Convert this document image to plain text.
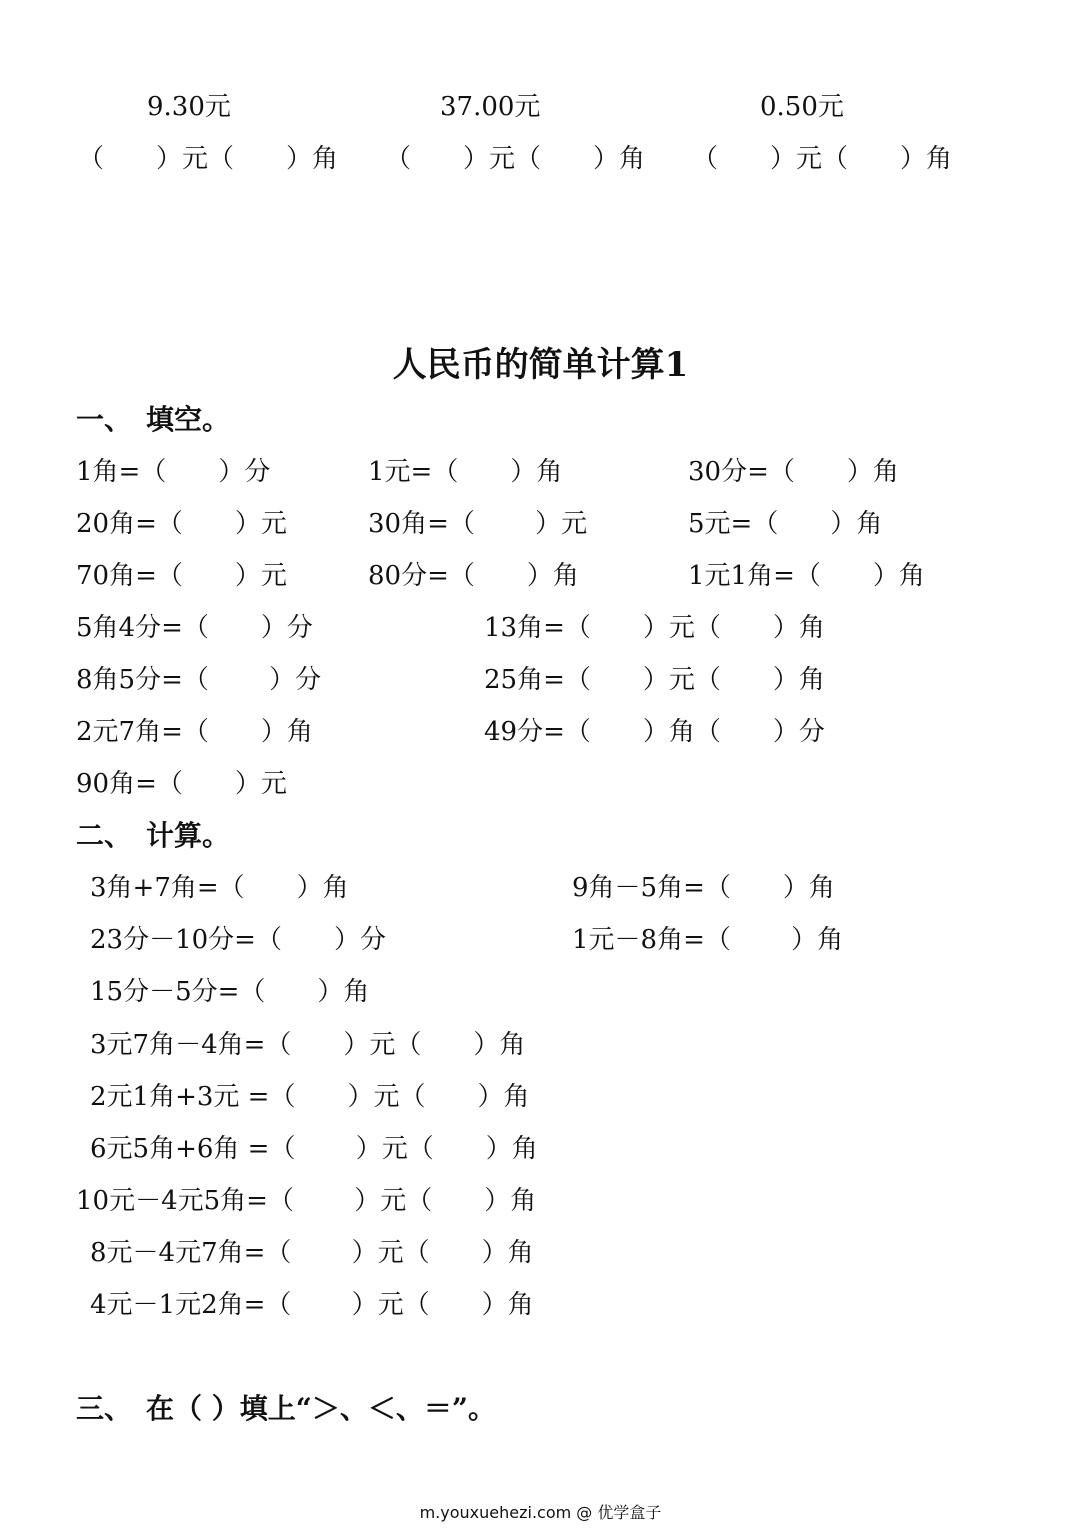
9.30元	37.00元	0.50元
（　　）元（　　）角 （　　）元（　　）角 （　　）元（　　）角
人民币的简单计算1
一、　填空。
1角=（　　）分	1元=（　　）角	30分=（　　）角
20角=（　　）元	30角=（　　 ）元	5元=（　　）角
70角=（　　）元	80分=（　　）角	1元1角=（　　）角
5角4分=（　　）分	13角=（　　）元（　　）角
8角5分=（　　 ）分	25角=（　　）元（　　）角
2元7角=（　　）角	49分=（　　）角（　　）分
90角=（　　）元
二、　计算。
3角+7角=（　　）角	9角－5角=（　　）角
23分－10分=（　　）分	1元－8角=（　　 ）角
15分－5分=（　　）角
3元7角－4角=（　　）元（　　）角
2元1角+3元 =（　　）元（　　）角
6元5角+6角 =（　　 ）元（　　）角
10元－4元5角=（　　 ）元（　　）角
8元－4元7角=（　　 ）元（　　）角
4元－1元2角=（　　 ）元（　　）角
三、　在（ ）填上“＞、＜、＝”。
m.youxuehezi.com @ 优学盒子
